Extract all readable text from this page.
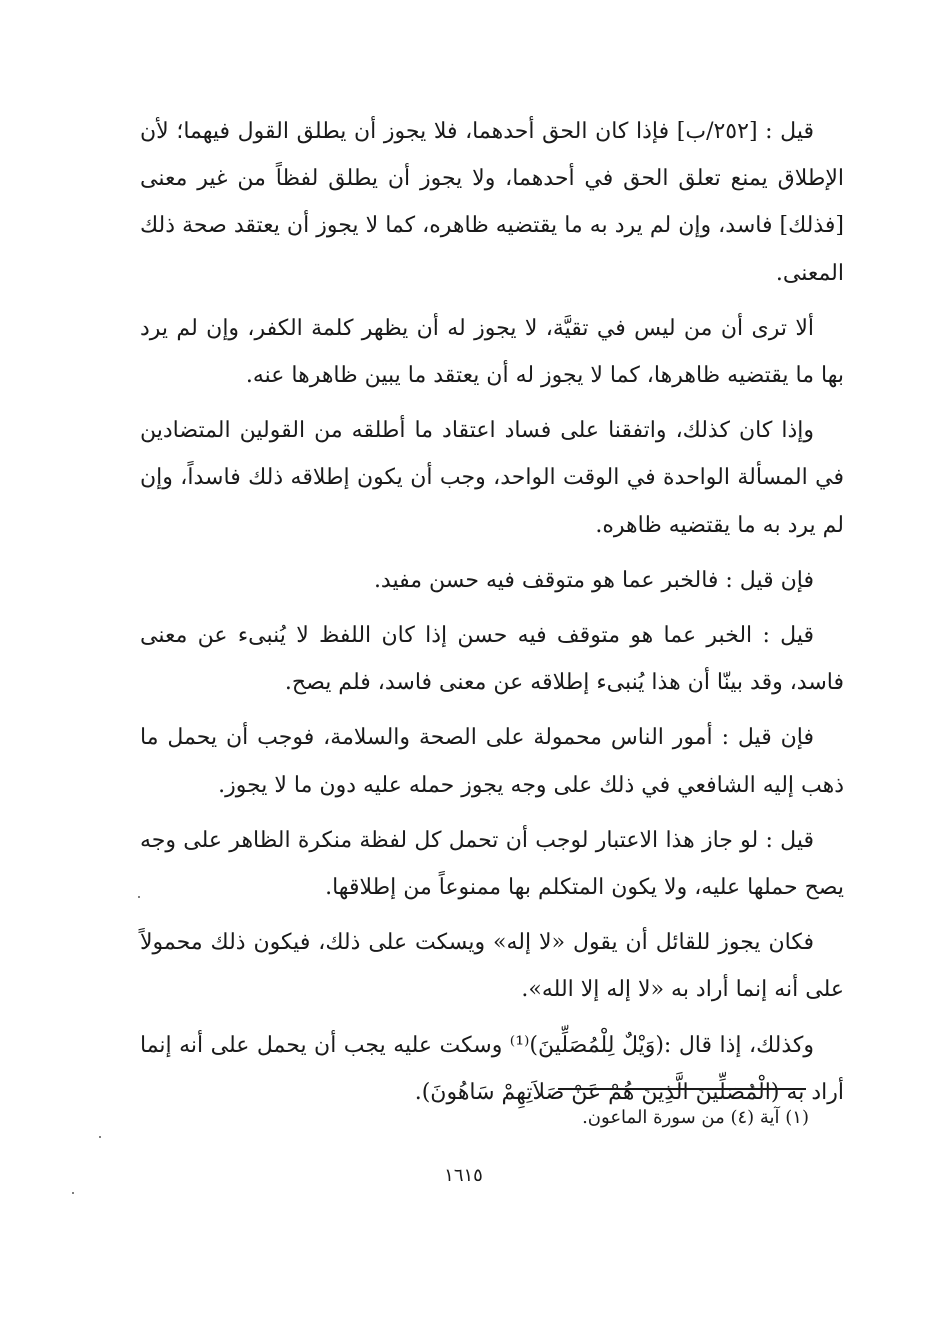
قيل : [٢٥٢/ب] فإذا كان الحق أحدهما، فلا يجوز أن يطلق القول فيهما؛ لأن الإطلاق يمنع تعلق الحق في أحدهما، ولا يجوز أن يطلق لفظاً من غير معنى [فذلك] فاسد، وإن لم يرد به ما يقتضيه ظاهره، كما لا يجوز أن يعتقد صحة ذلك المعنى.

ألا ترى أن من ليس في تقيَّة، لا يجوز له أن يظهر كلمة الكفر، وإن لم يرد بها ما يقتضيه ظاهرها، كما لا يجوز له أن يعتقد ما يبين ظاهرها عنه.

وإذا كان كذلك، واتفقنا على فساد اعتقاد ما أطلقه من القولين المتضادين في المسألة الواحدة في الوقت الواحد، وجب أن يكون إطلاقه ذلك فاسداً، وإن لم يرد به ما يقتضيه ظاهره.

فإن قيل : فالخبر عما هو متوقف فيه حسن مفيد.

قيل : الخبر عما هو متوقف فيه حسن إذا كان اللفظ لا يُنبىء عن معنى فاسد، وقد بينّا أن هذا يُنبىء إطلاقه عن معنى فاسد، فلم يصح.

فإن قيل : أمور الناس محمولة على الصحة والسلامة، فوجب أن يحمل ما ذهب إليه الشافعي في ذلك على وجه يجوز حمله عليه دون ما لا يجوز.

قيل : لو جاز هذا الاعتبار لوجب أن تحمل كل لفظة منكرة الظاهر على وجه يصح حملها عليه، ولا يكون المتكلم بها ممنوعاً من إطلاقها.

فكان يجوز للقائل أن يقول «لا إله» ويسكت على ذلك، فيكون ذلك محمولاً على أنه إنما أراد به «لا إله إلا الله».

وكذلك، إذا قال :(وَيْلٌ لِلْمُصَلِّينَ)⁽¹⁾ وسكت عليه يجب أن يحمل على أنه إنما أراد به (الْمُصَلِّينَ الَّذِينَ هُمْ عَنْ صَلاَتِهِمْ سَاهُونَ).

(١) آية (٤) من سورة الماعون.
١٦١٥
